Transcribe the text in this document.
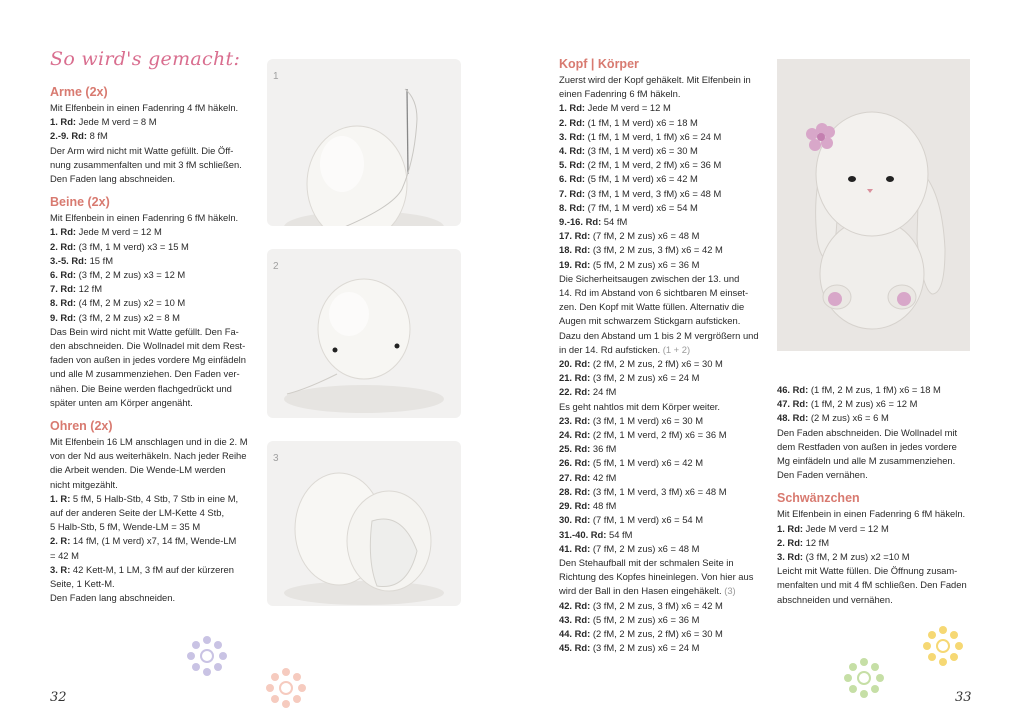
So wird's gemacht:
Arme (2x)

Mit Elfenbein in einen Fadenring 4 fM häkeln.

1. Rd: Jede M verd = 8 M

2.-9. Rd: 8 fM

Der Arm wird nicht mit Watte gefüllt. Die Öff-

nung zusammenfalten und mit 3 fM schließen.

Den Faden lang abschneiden.

Beine (2x)

Mit Elfenbein in einen Fadenring 6 fM häkeln.

1. Rd: Jede M verd = 12 M

2. Rd: (3 fM, 1 M verd) x3 = 15 M

3.-5. Rd: 15 fM

6. Rd: (3 fM, 2 M zus) x3 = 12 M

7. Rd: 12 fM

8. Rd: (4 fM, 2 M zus) x2 = 10 M

9. Rd: (3 fM, 2 M zus) x2 = 8 M

Das Bein wird nicht mit Watte gefüllt. Den Fa-

den abschneiden. Die Wollnadel mit dem Rest-

faden von außen in jedes vordere Mg einfädeln

und alle M zusammenziehen. Den Faden ver-

nähen. Die Beine werden flachgedrückt und

später unten am Körper angenäht.

Ohren (2x)

Mit Elfenbein 16 LM anschlagen und in die 2. M

von der Nd aus weiterhäkeln. Nach jeder Reihe

die Arbeit wenden. Die Wende-LM werden

nicht mitgezählt.

1. R: 5 fM, 5 Halb-Stb, 4 Stb, 7 Stb in eine M,

auf der anderen Seite der LM-Kette 4 Stb,

5 Halb-Stb, 5 fM, Wende-LM = 35 M

2. R: 14 fM, (1 M verd) x7, 14 fM, Wende-LM

= 42 M

3. R: 42 Kett-M, 1 LM, 3 fM auf der kürzeren

Seite, 1 Kett-M.

Den Faden lang abschneiden.

1
2
3
32
Kopf | Körper

Zuerst wird der Kopf gehäkelt. Mit Elfenbein in

einen Fadenring 6 fM häkeln.

1. Rd: Jede M verd = 12 M

2. Rd: (1 fM, 1 M verd) x6 = 18 M

3. Rd: (1 fM, 1 M verd, 1 fM) x6 = 24 M

4. Rd: (3 fM, 1 M verd) x6 = 30 M

5. Rd: (2 fM, 1 M verd, 2 fM) x6 = 36 M

6. Rd: (5 fM, 1 M verd) x6 = 42 M

7. Rd: (3 fM, 1 M verd, 3 fM) x6 = 48 M

8. Rd: (7 fM, 1 M verd) x6 = 54 M

9.-16. Rd: 54 fM

17. Rd: (7 fM, 2 M zus) x6 = 48 M

18. Rd: (3 fM, 2 M zus, 3 fM) x6 = 42 M

19. Rd: (5 fM, 2 M zus) x6 = 36 M

Die Sicherheitsaugen zwischen der 13. und

14. Rd im Abstand von 6 sichtbaren M einset-

zen. Den Kopf mit Watte füllen. Alternativ die

Augen mit schwarzem Stickgarn aufsticken.

Dazu den Abstand um 1 bis 2 M vergrößern und

in der 14. Rd aufsticken. (1 + 2)

20. Rd: (2 fM, 2 M zus, 2 fM) x6 = 30 M

21. Rd: (3 fM, 2 M zus) x6 = 24 M

22. Rd: 24 fM

Es geht nahtlos mit dem Körper weiter.

23. Rd: (3 fM, 1 M verd) x6 = 30 M

24. Rd: (2 fM, 1 M verd, 2 fM) x6 = 36 M

25. Rd: 36 fM

26. Rd: (5 fM, 1 M verd) x6 = 42 M

27. Rd: 42 fM

28. Rd: (3 fM, 1 M verd, 3 fM) x6 = 48 M

29. Rd: 48 fM

30. Rd: (7 fM, 1 M verd) x6 = 54 M

31.-40. Rd: 54 fM

41. Rd: (7 fM, 2 M zus) x6 = 48 M

Den Stehaufball mit der schmalen Seite in

Richtung des Kopfes hineinlegen. Von hier aus

wird der Ball in den Hasen eingehäkelt. (3)

42. Rd: (3 fM, 2 M zus, 3 fM) x6 = 42 M

43. Rd: (5 fM, 2 M zus) x6 = 36 M

44. Rd: (2 fM, 2 M zus, 2 fM) x6 = 30 M

45. Rd: (3 fM, 2 M zus) x6 = 24 M

46. Rd: (1 fM, 2 M zus, 1 fM) x6 = 18 M

47. Rd: (1 fM, 2 M zus) x6 = 12 M

48. Rd: (2 M zus) x6 = 6 M

Den Faden abschneiden. Die Wollnadel mit

dem Restfaden von außen in jedes vordere

Mg einfädeln und alle M zusammenziehen.

Den Faden vernähen.

Schwänzchen

Mit Elfenbein in einen Fadenring 6 fM häkeln.

1. Rd: Jede M verd = 12 M

2. Rd: 12 fM

3. Rd: (3 fM, 2 M zus) x2 =10 M

Leicht mit Watte füllen. Die Öffnung zusam-

menfalten und mit 4 fM schließen. Den Faden

abschneiden und vernähen.

33
